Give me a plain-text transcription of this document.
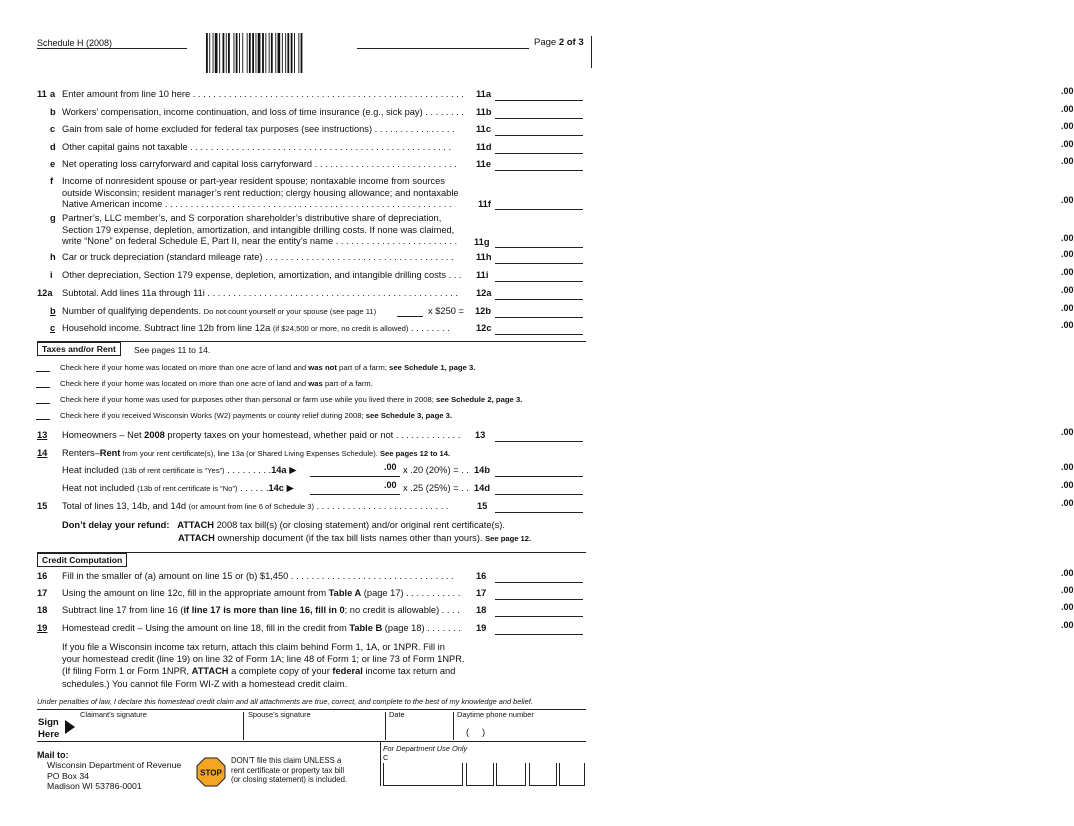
Schedule H (2008)	Page 2 of 3
11 a Enter amount from line 10 here . . . . . . . . . . . . . . . . . . . . . . . . . . . . . . . . . . . . . . . . . . . . . . . . . . . . . 11a	.00
b Workers’ compensation, income continuation, and loss of time insurance (e.g., sick pay) . . . . . . . . 11b	.00
c Gain from sale of home excluded for federal tax purposes (see instructions) . . . . . . . . . . . . . . . . 11c	.00
d Other capital gains not taxable . . . . . . . . . . . . . . . . . . . . . . . . . . . . . . . . . . . . . . . . . . . . . . . . . . .	11d	.00
e Net operating loss carryforward and capital loss carryforward . . . . . . . . . . . . . . . . . . . . . . . . . . . . 11e	.00
f Income of nonresident spouse or part-year resident spouse; nontaxable income from sources
outside Wisconsin; resident manager’s rent reduction; clergy housing allowance; and nontaxable
Native American income . . . . . . . . . . . . . . . . . . . . . . . . . . . . . . . . . . . . . . . . . . . . . . . . . . . . . . . .	11f	.00
g Partner’s, LLC member’s, and S corporation shareholder’s distributive share of depreciation,
Section 179 expense, depletion, amortization, and intangible drilling costs. If none was claimed,
write “None” on federal Schedule E, Part II, near the entity’s name . . . . . . . . . . . . . . . . . . . . . . . . 11g	.00
h Car or truck depreciation (standard mileage rate) . . . . . . . . . . . . . . . . . . . . . . . . . . . . . . . . . . . . . 11h	.00
i Other depreciation, Section 179 expense, depletion, amortization, and intangible drilling costs . . . 11i	.00
12a Subtotal. Add lines 11a through 11i . . . . . . . . . . . . . . . . . . . . . . . . . . . . . . . . . . . . . . . . . . . . . . . . . 12a	.00
b Number of qualifying dependents. Do not count yourself or your spouse (see page 11)	x $250 = 12b	.00
c Household income. Subtract line 12b from line 12a (if $24,500 or more, no credit is allowed) . . . . . . . .	12c	.00
Taxes and/or Rent	See pages 11 to 14.
Check here if your home was located on more than one acre of land and was not part of a farm; see Schedule 1, page 3.
Check here if your home was located on more than one acre of land and was part of a farm.
Check here if your home was used for purposes other than personal or farm use while you lived there in 2008; see Schedule 2, page 3.
Check here if you received Wisconsin Works (W2) payments or county relief during 2008; see Schedule 3, page 3.
13 Homeowners – Net 2008 property taxes on your homestead, whether paid or not . . . . . . . . . . . . . 13	.00
14 Renters–Rent from your rent certificate(s), line 13a (or Shared Living Expenses Schedule). See pages 12 to 14.
Heat included (13b of rent certificate is “Yes”) . . . . . . . . .14a ▶	.00 x .20 (20%) = . . 14b	.00
Heat not included (13b of rent certificate is “No”) . . . . . .14c ▶	.00 x .25 (25%) = . . 14d	.00
15 Total of lines 13, 14b, and 14d (or amount from line 6 of Schedule 3) . . . . . . . . . . . . . . . . . . . . . . . . . .	15	.00
Don’t delay your refund: ATTACH 2008 tax bill(s) (or closing statement) and/or original rent certificate(s).
ATTACH ownership document (if the tax bill lists names other than yours). See page 12.
Credit Computation
16 Fill in the smaller of (a) amount on line 15 or (b) $1,450 . . . . . . . . . . . . . . . . . . . . . . . . . . . . . . . . 16	.00
17 Using the amount on line 12c, fill in the appropriate amount from Table A (page 17) . . . . . . . . . . . 17	.00
18 Subtract line 17 from line 16 (if line 17 is more than line 16, fill in 0; no credit is allowable) . . . . 18	.00
19 Homestead credit – Using the amount on line 18, fill in the credit from Table B (page 18) . . . . . . . 19	.00
If you file a Wisconsin income tax return, attach this claim behind Form 1, 1A, or 1NPR. Fill in
your homestead credit (line 19) on line 32 of Form 1A; line 48 of Form 1; or line 73 of Form 1NPR.
(If filing Form 1 or Form 1NPR, ATTACH a complete copy of your federal income tax return and
schedules.) You cannot file Form WI-Z with a homestead credit claim.
Under penalties of law, I declare this homestead credit claim and all attachments are true, correct, and complete to the best of my knowledge and belief.
Claimant’s signature	Spouse’s signature	Date	Daytime phone number
Sign
Here	( )
Mail to:
Wisconsin Department of Revenue
PO Box 34
Madison WI 53786-0001
STOP
DON’T file this claim UNLESS a
rent certificate or property tax bill
(or closing statement) is included.
For Department Use Only
C
